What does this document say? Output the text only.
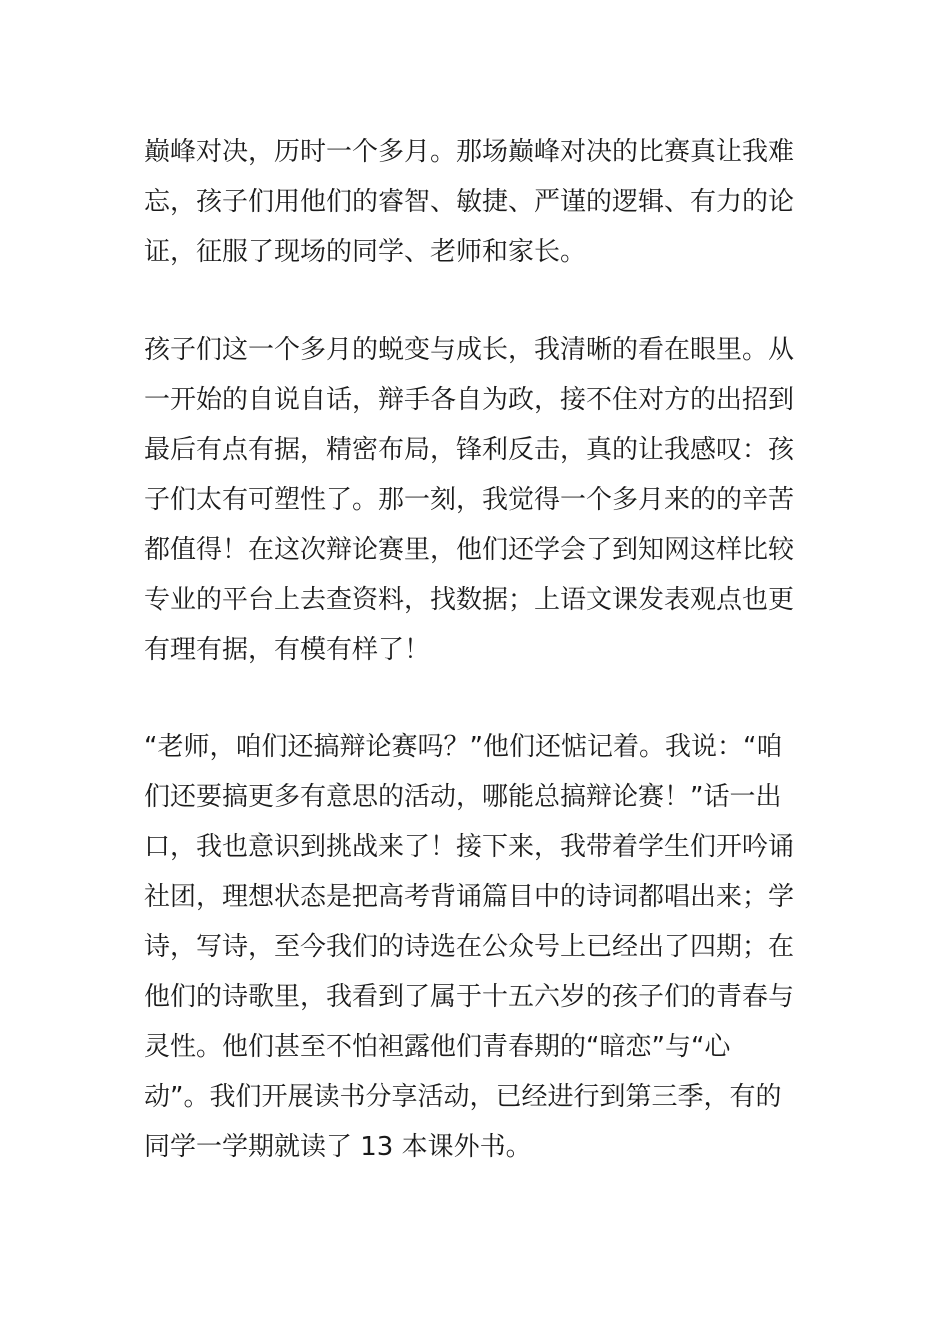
巅峰对决，历时一个多月。那场巅峰对决的比赛真让我难
忘，孩子们用他们的睿智、敏捷、严谨的逻辑、有力的论
证，征服了现场的同学、老师和家长。
孩子们这一个多月的蜕变与成长，我清晰的看在眼里。从
一开始的自说自话，辩手各自为政，接不住对方的出招到
最后有点有据，精密布局，锋利反击，真的让我感叹：孩
子们太有可塑性了。那一刻，我觉得一个多月来的的辛苦
都值得！在这次辩论赛里，他们还学会了到知网这样比较
专业的平台上去查资料，找数据；上语文课发表观点也更
有理有据，有模有样了！
“老师，咱们还搞辩论赛吗？”他们还惦记着。我说：“咱
们还要搞更多有意思的活动，哪能总搞辩论赛！”话一出
口，我也意识到挑战来了！接下来，我带着学生们开吟诵
社团，理想状态是把高考背诵篇目中的诗词都唱出来；学
诗，写诗，至今我们的诗选在公众号上已经出了四期；在
他们的诗歌里，我看到了属于十五六岁的孩子们的青春与
灵性。他们甚至不怕袒露他们青春期的“暗恋”与“心
动”。我们开展读书分享活动，已经进行到第三季，有的
同学一学期就读了 13 本课外书。
